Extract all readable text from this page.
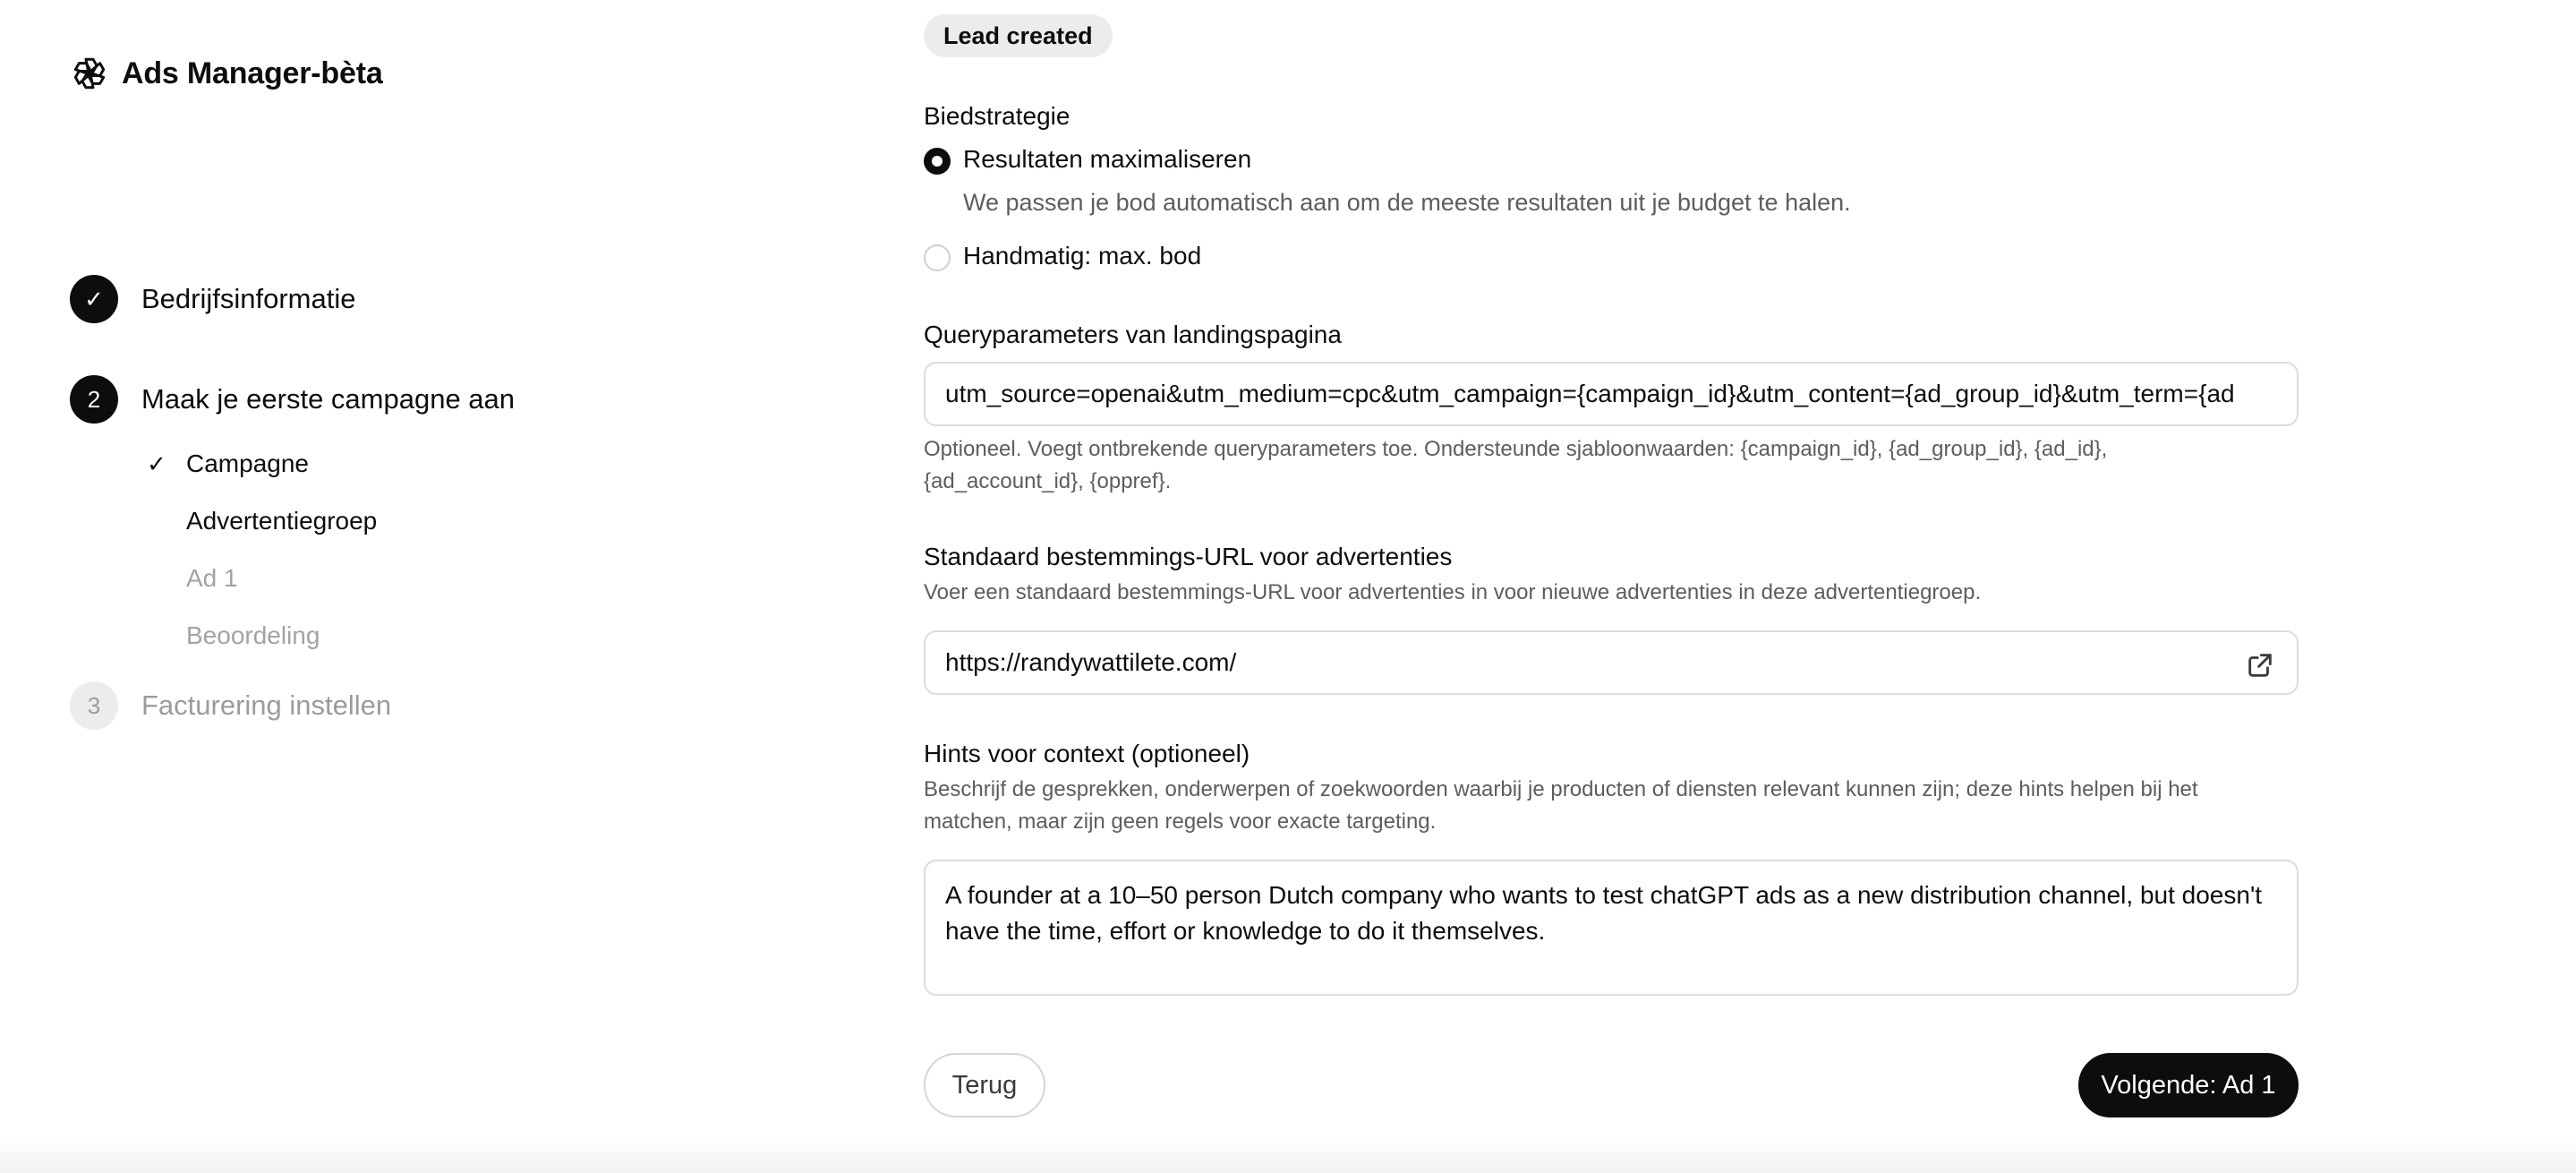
Ads Manager-bèta
✓	Bedrijfsinformatie
2	Maak je eerste campagne aan
✓ Campagne
Advertentiegroep
Ad 1
Beoordeling
3	Facturering instellen
Lead created
Biedstrategie
Resultaten maximaliseren
We passen je bod automatisch aan om de meeste resultaten uit je budget te halen.
Handmatig: max. bod
Queryparameters van landingspagina
utm_source=openai&utm_medium=cpc&utm_campaign={campaign_id}&utm_content={ad_group_id}&utm_term={ad
Optioneel. Voegt ontbrekende queryparameters toe. Ondersteunde sjabloonwaarden: {campaign_id}, {ad_group_id}, {ad_id},
{ad_account_id}, {oppref}.
Standaard bestemmings-URL voor advertenties
Voer een standaard bestemmings-URL voor advertenties in voor nieuwe advertenties in deze advertentiegroep.
https://randywattilete.com/
Hints voor context (optioneel)
Beschrijf de gesprekken, onderwerpen of zoekwoorden waarbij je producten of diensten relevant kunnen zijn; deze hints helpen bij het
matchen, maar zijn geen regels voor exacte targeting.
A founder at a 10–50 person Dutch company who wants to test chatGPT ads as a new distribution channel, but doesn't have the time, effort or knowledge to do it themselves.
Terug	Volgende: Ad 1
